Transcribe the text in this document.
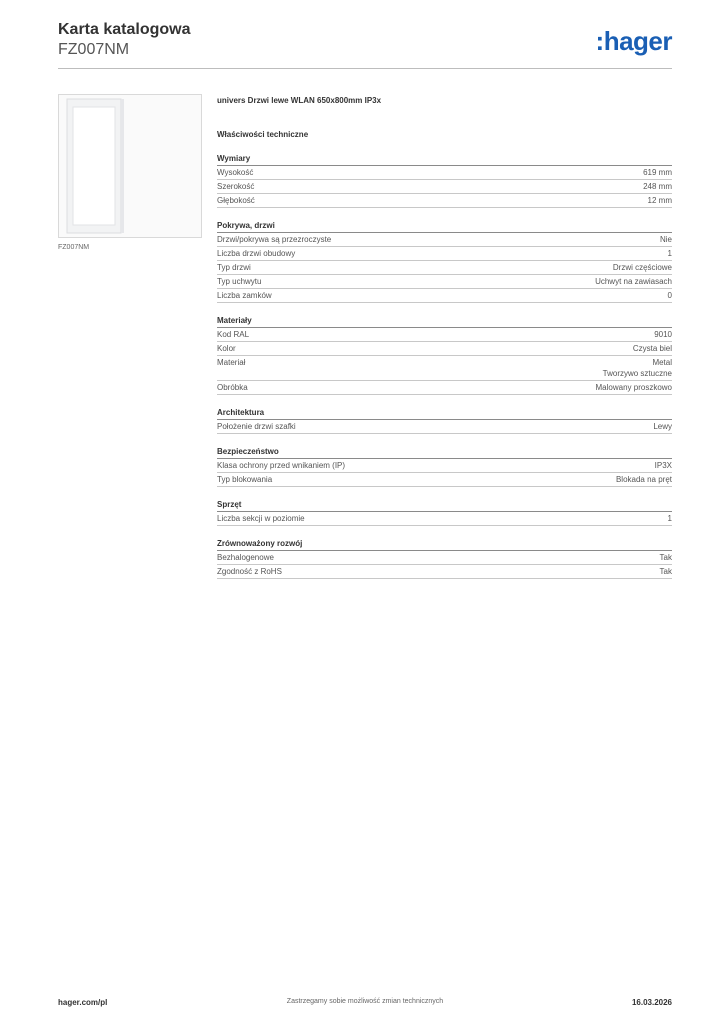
Karta katalogowa
FZ007NM	:hager
FZ007NM
univers Drzwi lewe WLAN 650x800mm IP3x
Właściwości techniczne
Wymiary
Wysokość	619 mm
Szerokość	248 mm
Głębokość	12 mm
Pokrywa, drzwi
Drzwi/pokrywa są przezroczyste	Nie
Liczba drzwi obudowy	1
Typ drzwi	Drzwi częściowe
Typ uchwytu	Uchwyt na zawiasach
Liczba zamków	0
Materiały
Kod RAL	9010
Kolor	Czysta biel
Materiał	Metal
Tworzywo sztuczne
Obróbka	Malowany proszkowo
Architektura
Położenie drzwi szafki	Lewy
Bezpieczeństwo
Klasa ochrony przed wnikaniem (IP)	IP3X
Typ blokowania	Blokada na pręt
Sprzęt
Liczba sekcji w poziomie	1
Zrównoważony rozwój
Bezhalogenowe	Tak
Zgodność z RoHS	Tak
hager.com/pl	Zastrzegamy sobie możliwość zmian technicznych	16.03.2026
